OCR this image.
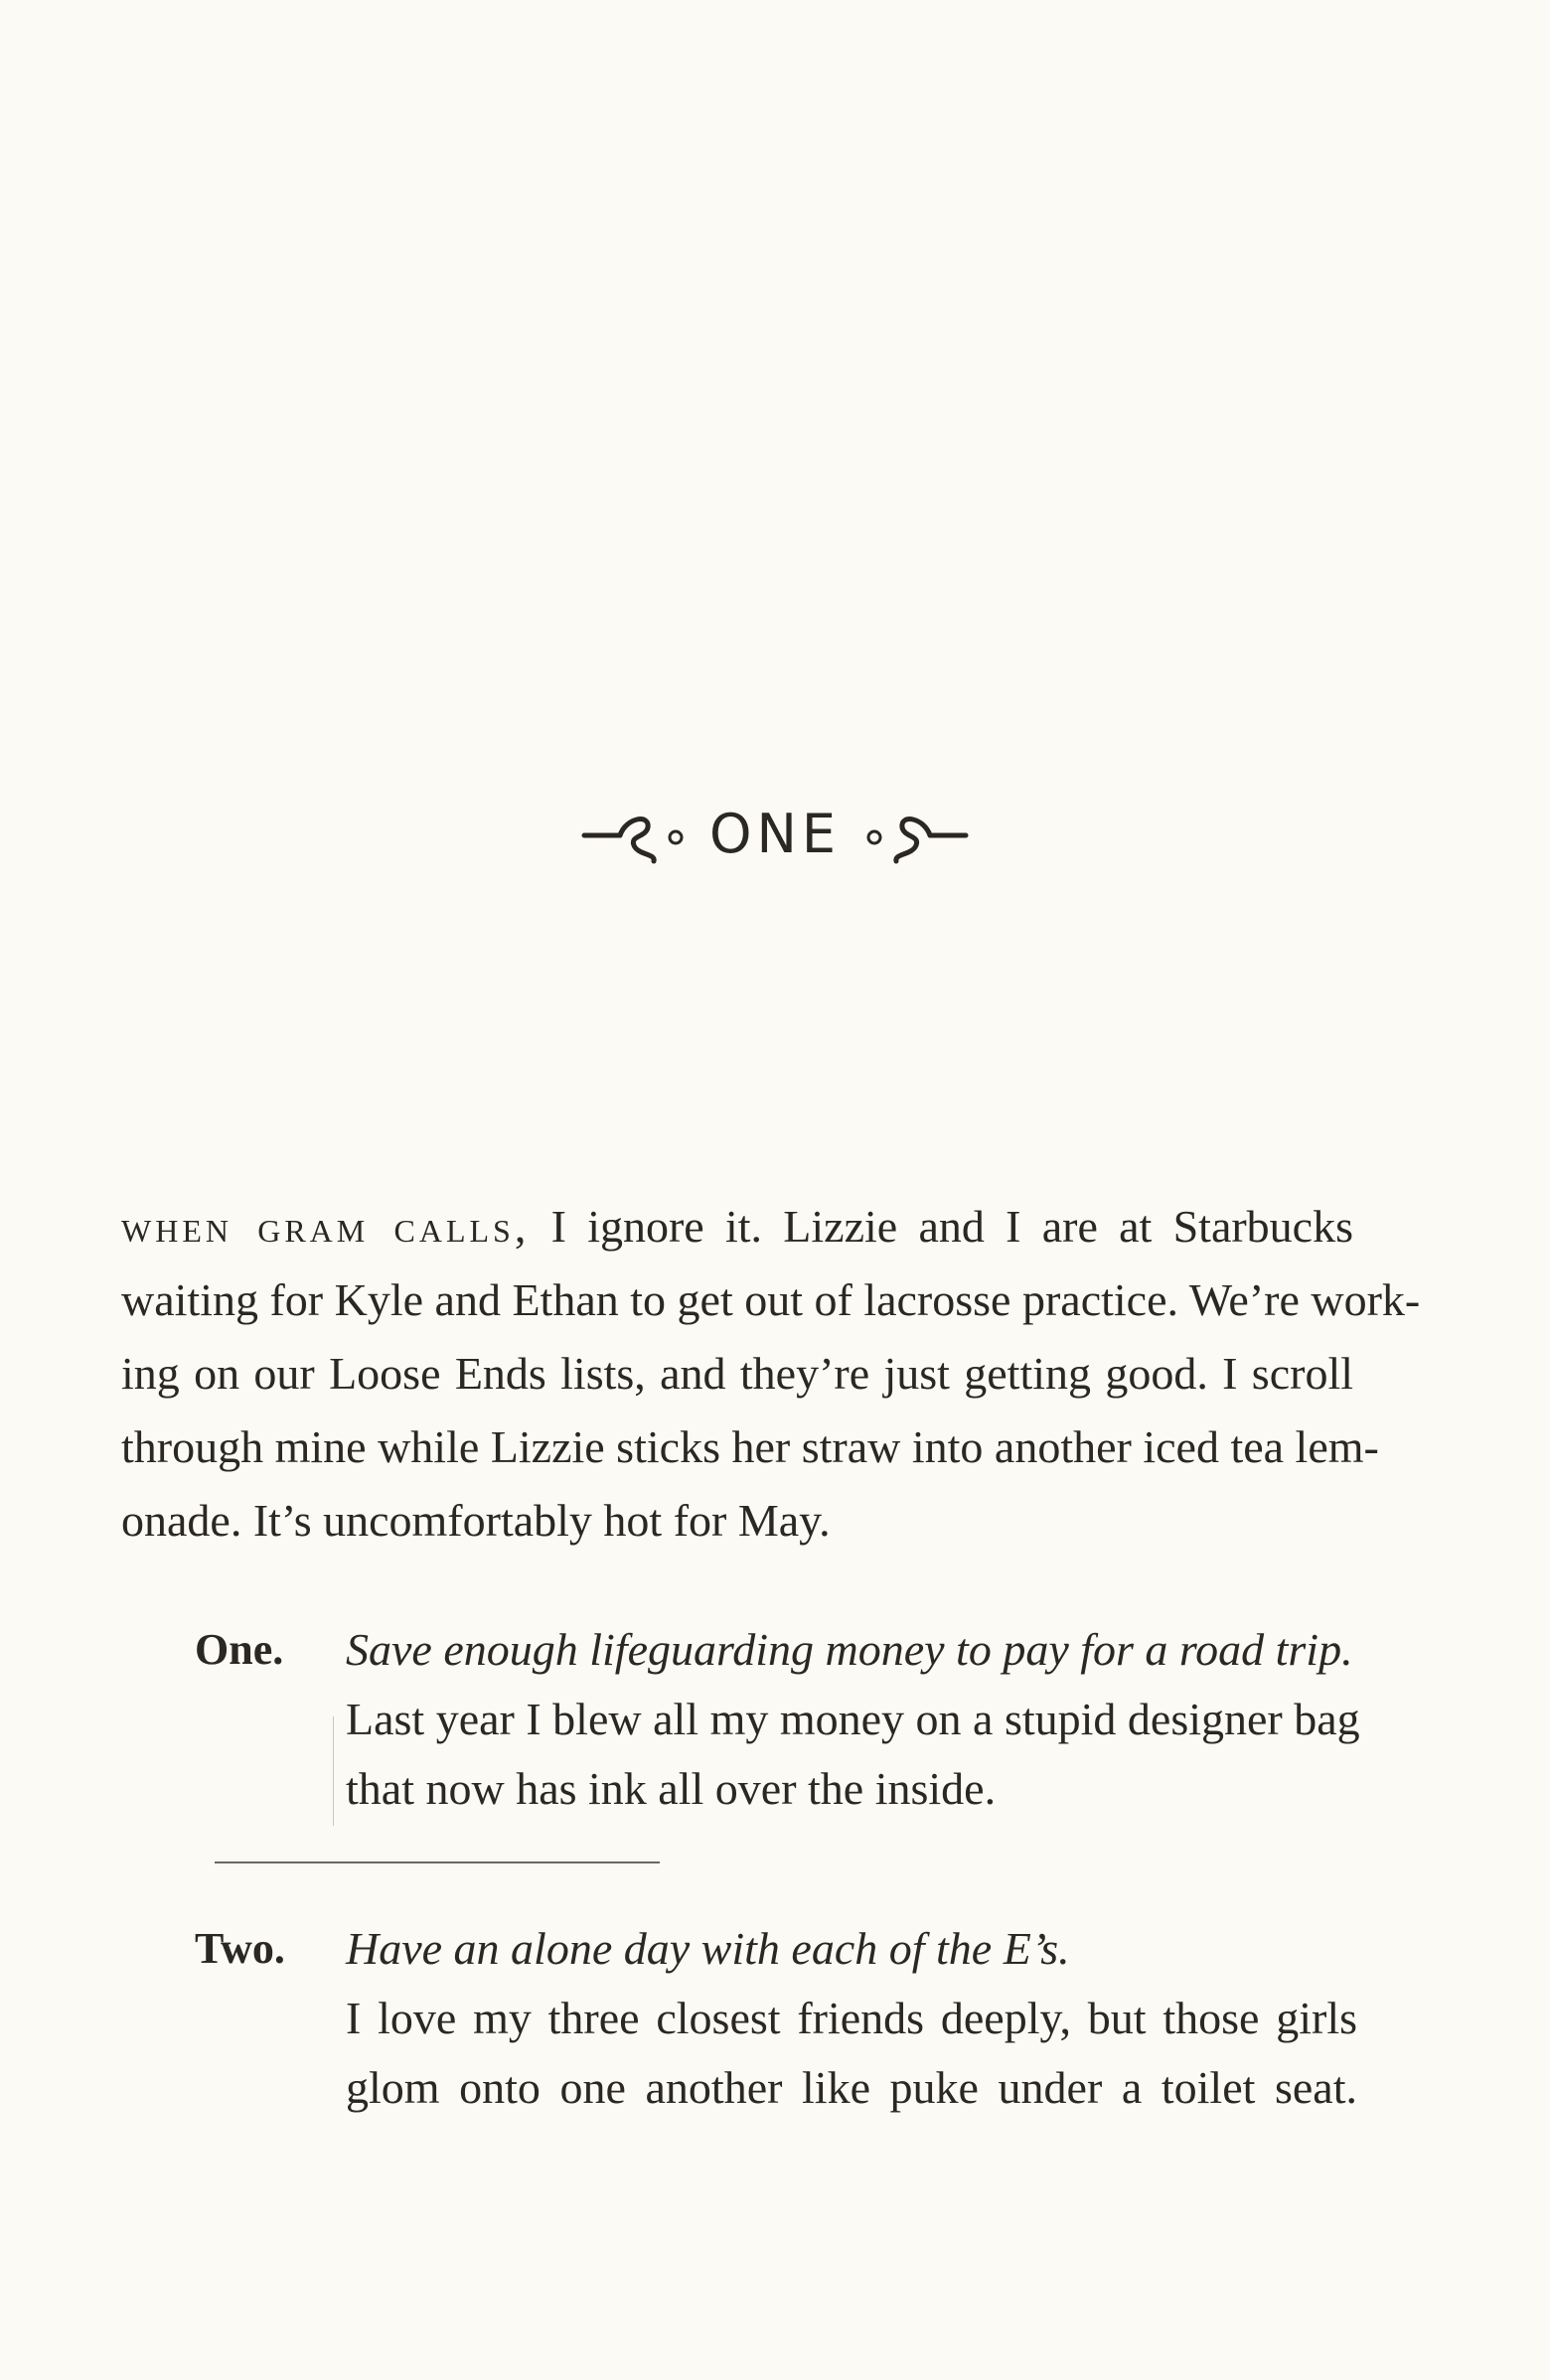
ONE
when gram calls, I ignore it. Lizzie and I are at Starbucks
waiting for Kyle and Ethan to get out of lacrosse practice. We’re work-
ing on our Loose Ends lists, and they’re just getting good. I scroll
through mine while Lizzie sticks her straw into another iced tea lem-
onade. It’s uncomfortably hot for May.
One. Save enough lifeguarding money to pay for a road trip.
Last year I blew all my money on a stupid designer bag
that now has ink all over the inside.
Two. Have an alone day with each of the E’s.
I love my three closest friends deeply, but those girls
glom onto one another like puke under a toilet seat.
